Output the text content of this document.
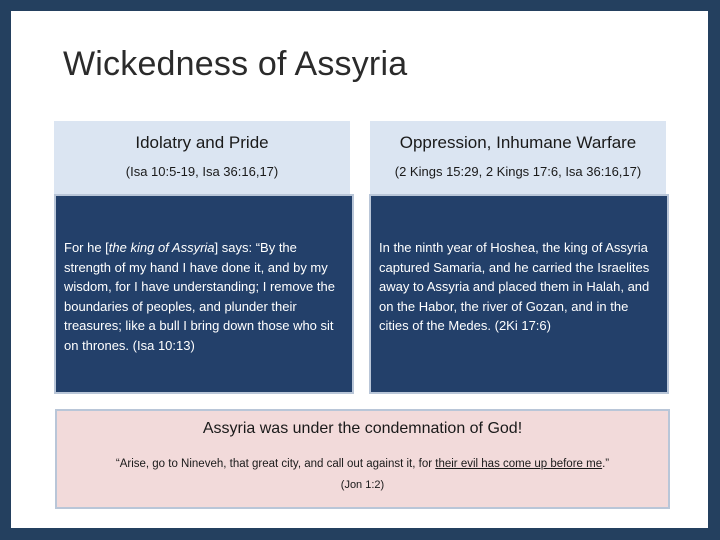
Wickedness of Assyria
Idolatry and Pride
(Isa 10:5-19, Isa 36:16,17)
Oppression, Inhumane Warfare
(2 Kings 15:29, 2 Kings 17:6, Isa 36:16,17)
For he [the king of Assyria] says: “By the strength of my hand I have done it, and by my wisdom, for I have understanding; I remove the boundaries of peoples, and plunder their treasures; like a bull I bring down those who sit on thrones. (Isa 10:13)
In the ninth year of Hoshea, the king of Assyria captured Samaria, and he carried the Israelites away to Assyria and placed them in Halah, and on the Habor, the river of Gozan, and in the cities of the Medes. (2Ki 17:6)
Assyria was under the condemnation of God!
“Arise, go to Nineveh, that great city, and call out against it, for their evil has come up before me.”
(Jon 1:2)
